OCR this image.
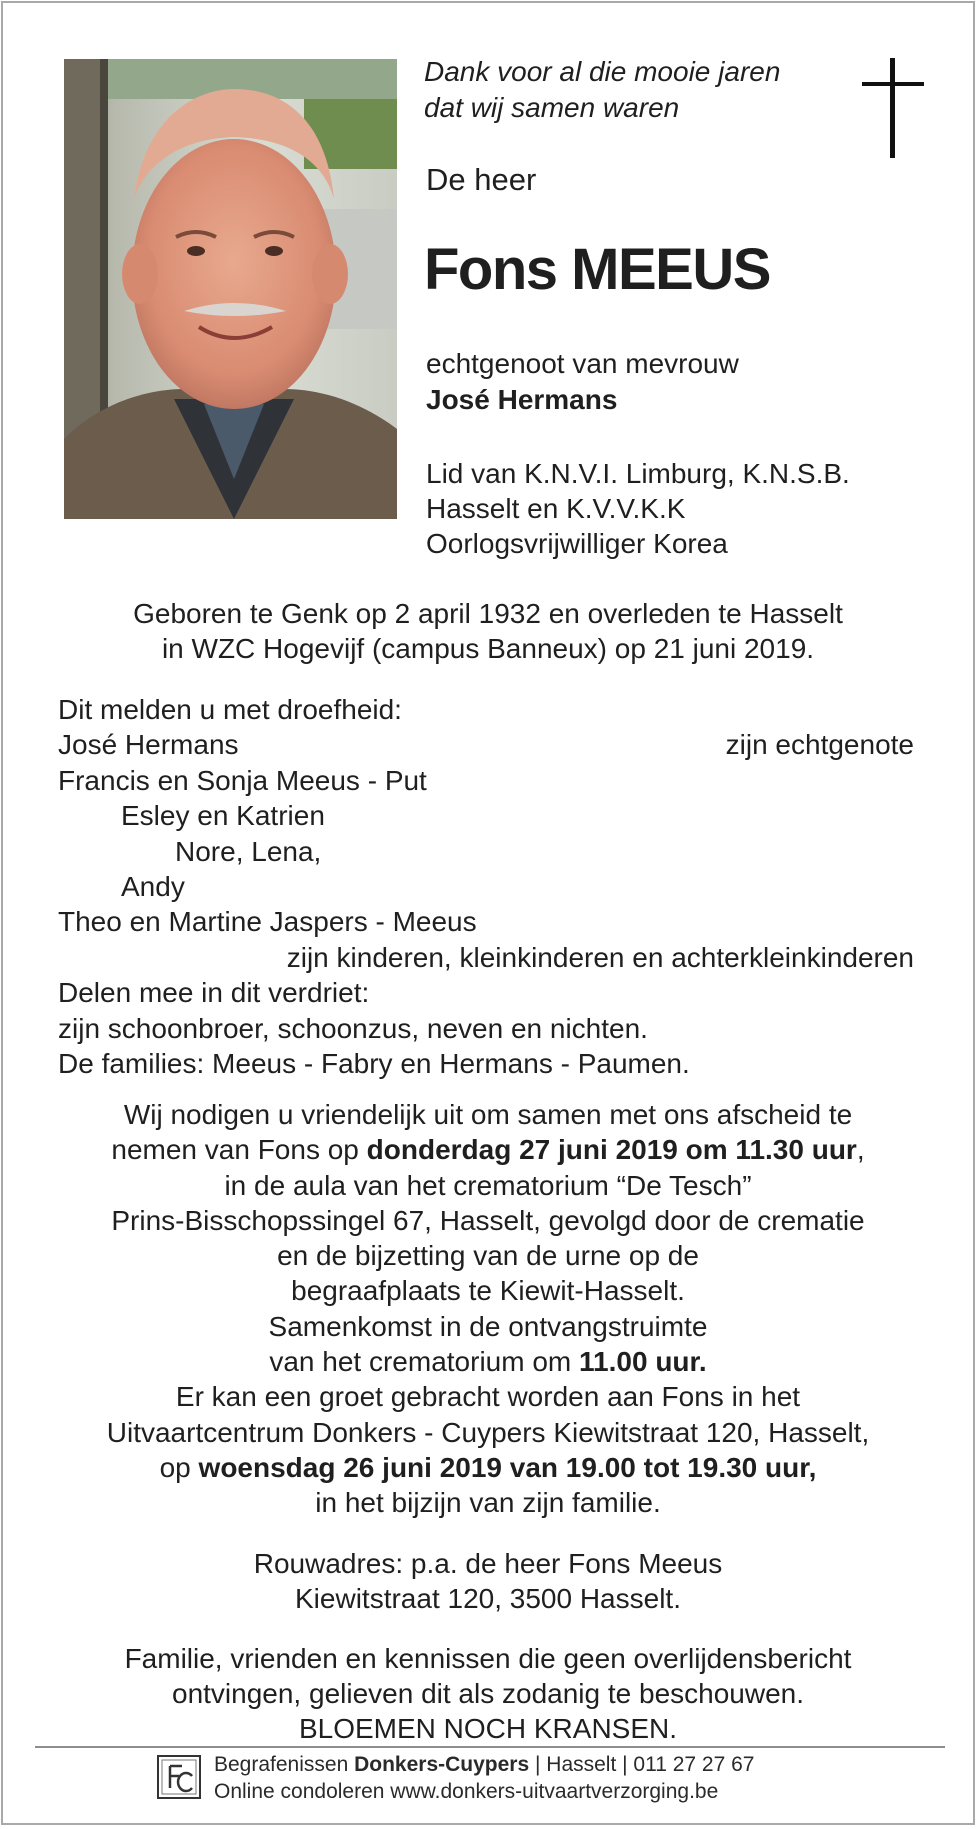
Dank voor al die mooie jaren
dat wij samen waren
De heer
Fons MEEUS
echtgenoot van mevrouw
José Hermans
Lid van K.N.V.I. Limburg, K.N.S.B.
Hasselt en K.V.V.K.K
Oorlogsvrijwilliger Korea
Geboren te Genk op 2 april 1932 en overleden te Hasselt
in WZC Hogevijf (campus Banneux) op 21 juni 2019.
Dit melden u met droefheid:
José Hermans	zijn echtgenote
Francis en Sonja Meeus - Put
Esley en Katrien
Nore, Lena,
Andy
Theo en Martine Jaspers - Meeus
zijn kinderen, kleinkinderen en achterkleinkinderen
Delen mee in dit verdriet:
zijn schoonbroer, schoonzus, neven en nichten.
De families: Meeus - Fabry en Hermans - Paumen.
Wij nodigen u vriendelijk uit om samen met ons afscheid te
nemen van Fons op donderdag 27 juni 2019 om 11.30 uur,
in de aula van het crematorium “De Tesch”
Prins-Bisschopssingel 67, Hasselt, gevolgd door de crematie
en de bijzetting van de urne op de
begraafplaats te Kiewit-Hasselt.
Samenkomst in de ontvangstruimte
van het crematorium om 11.00 uur.
Er kan een groet gebracht worden aan Fons in het
Uitvaartcentrum Donkers - Cuypers Kiewitstraat 120, Hasselt,
op woensdag 26 juni 2019 van 19.00 tot 19.30 uur,
in het bijzijn van zijn familie.
Rouwadres: p.a. de heer Fons Meeus
Kiewitstraat 120, 3500 Hasselt.
Familie, vrienden en kennissen die geen overlijdensbericht
ontvingen, gelieven dit als zodanig te beschouwen.
BLOEMEN NOCH KRANSEN.
Begrafenissen Donkers-Cuypers | Hasselt | 011 27 27 67
Online condoleren www.donkers-uitvaartverzorging.be
